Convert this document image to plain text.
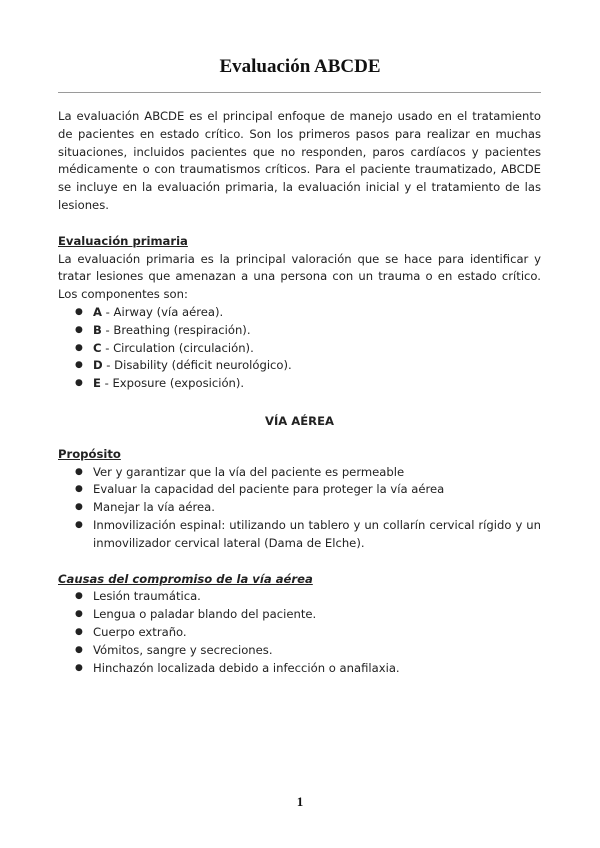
Evaluación ABCDE

La evaluación ABCDE es el principal enfoque de manejo usado en el tratamiento de pacientes en estado crítico. Son los primeros pasos para realizar en muchas situaciones, incluidos pacientes que no responden, paros cardíacos y pacientes médicamente o con traumatismos críticos. Para el paciente traumatizado, ABCDE se incluye en la evaluación primaria, la evaluación inicial y el tratamiento de las lesiones.

Evaluación primaria

La evaluación primaria es la principal valoración que se hace para identificar y tratar lesiones que amenazan a una persona con un trauma o en estado crítico. Los componentes son:

● A - Airway (vía aérea).
● B - Breathing (respiración).
● C - Circulation (circulación).
● D - Disability (déficit neurológico).
● E - Exposure (exposición).

VÍA AÉREA

Propósito

● Ver y garantizar que la vía del paciente es permeable
● Evaluar la capacidad del paciente para proteger la vía aérea
● Manejar la vía aérea.
● Inmovilización espinal: utilizando un tablero y un collarín cervical rígido y un inmovilizador cervical lateral (Dama de Elche).

Causas del compromiso de la vía aérea

● Lesión traumática.
● Lengua o paladar blando del paciente.
● Cuerpo extraño.
● Vómitos, sangre y secreciones.
● Hinchazón localizada debido a infección o anafilaxia.
1
